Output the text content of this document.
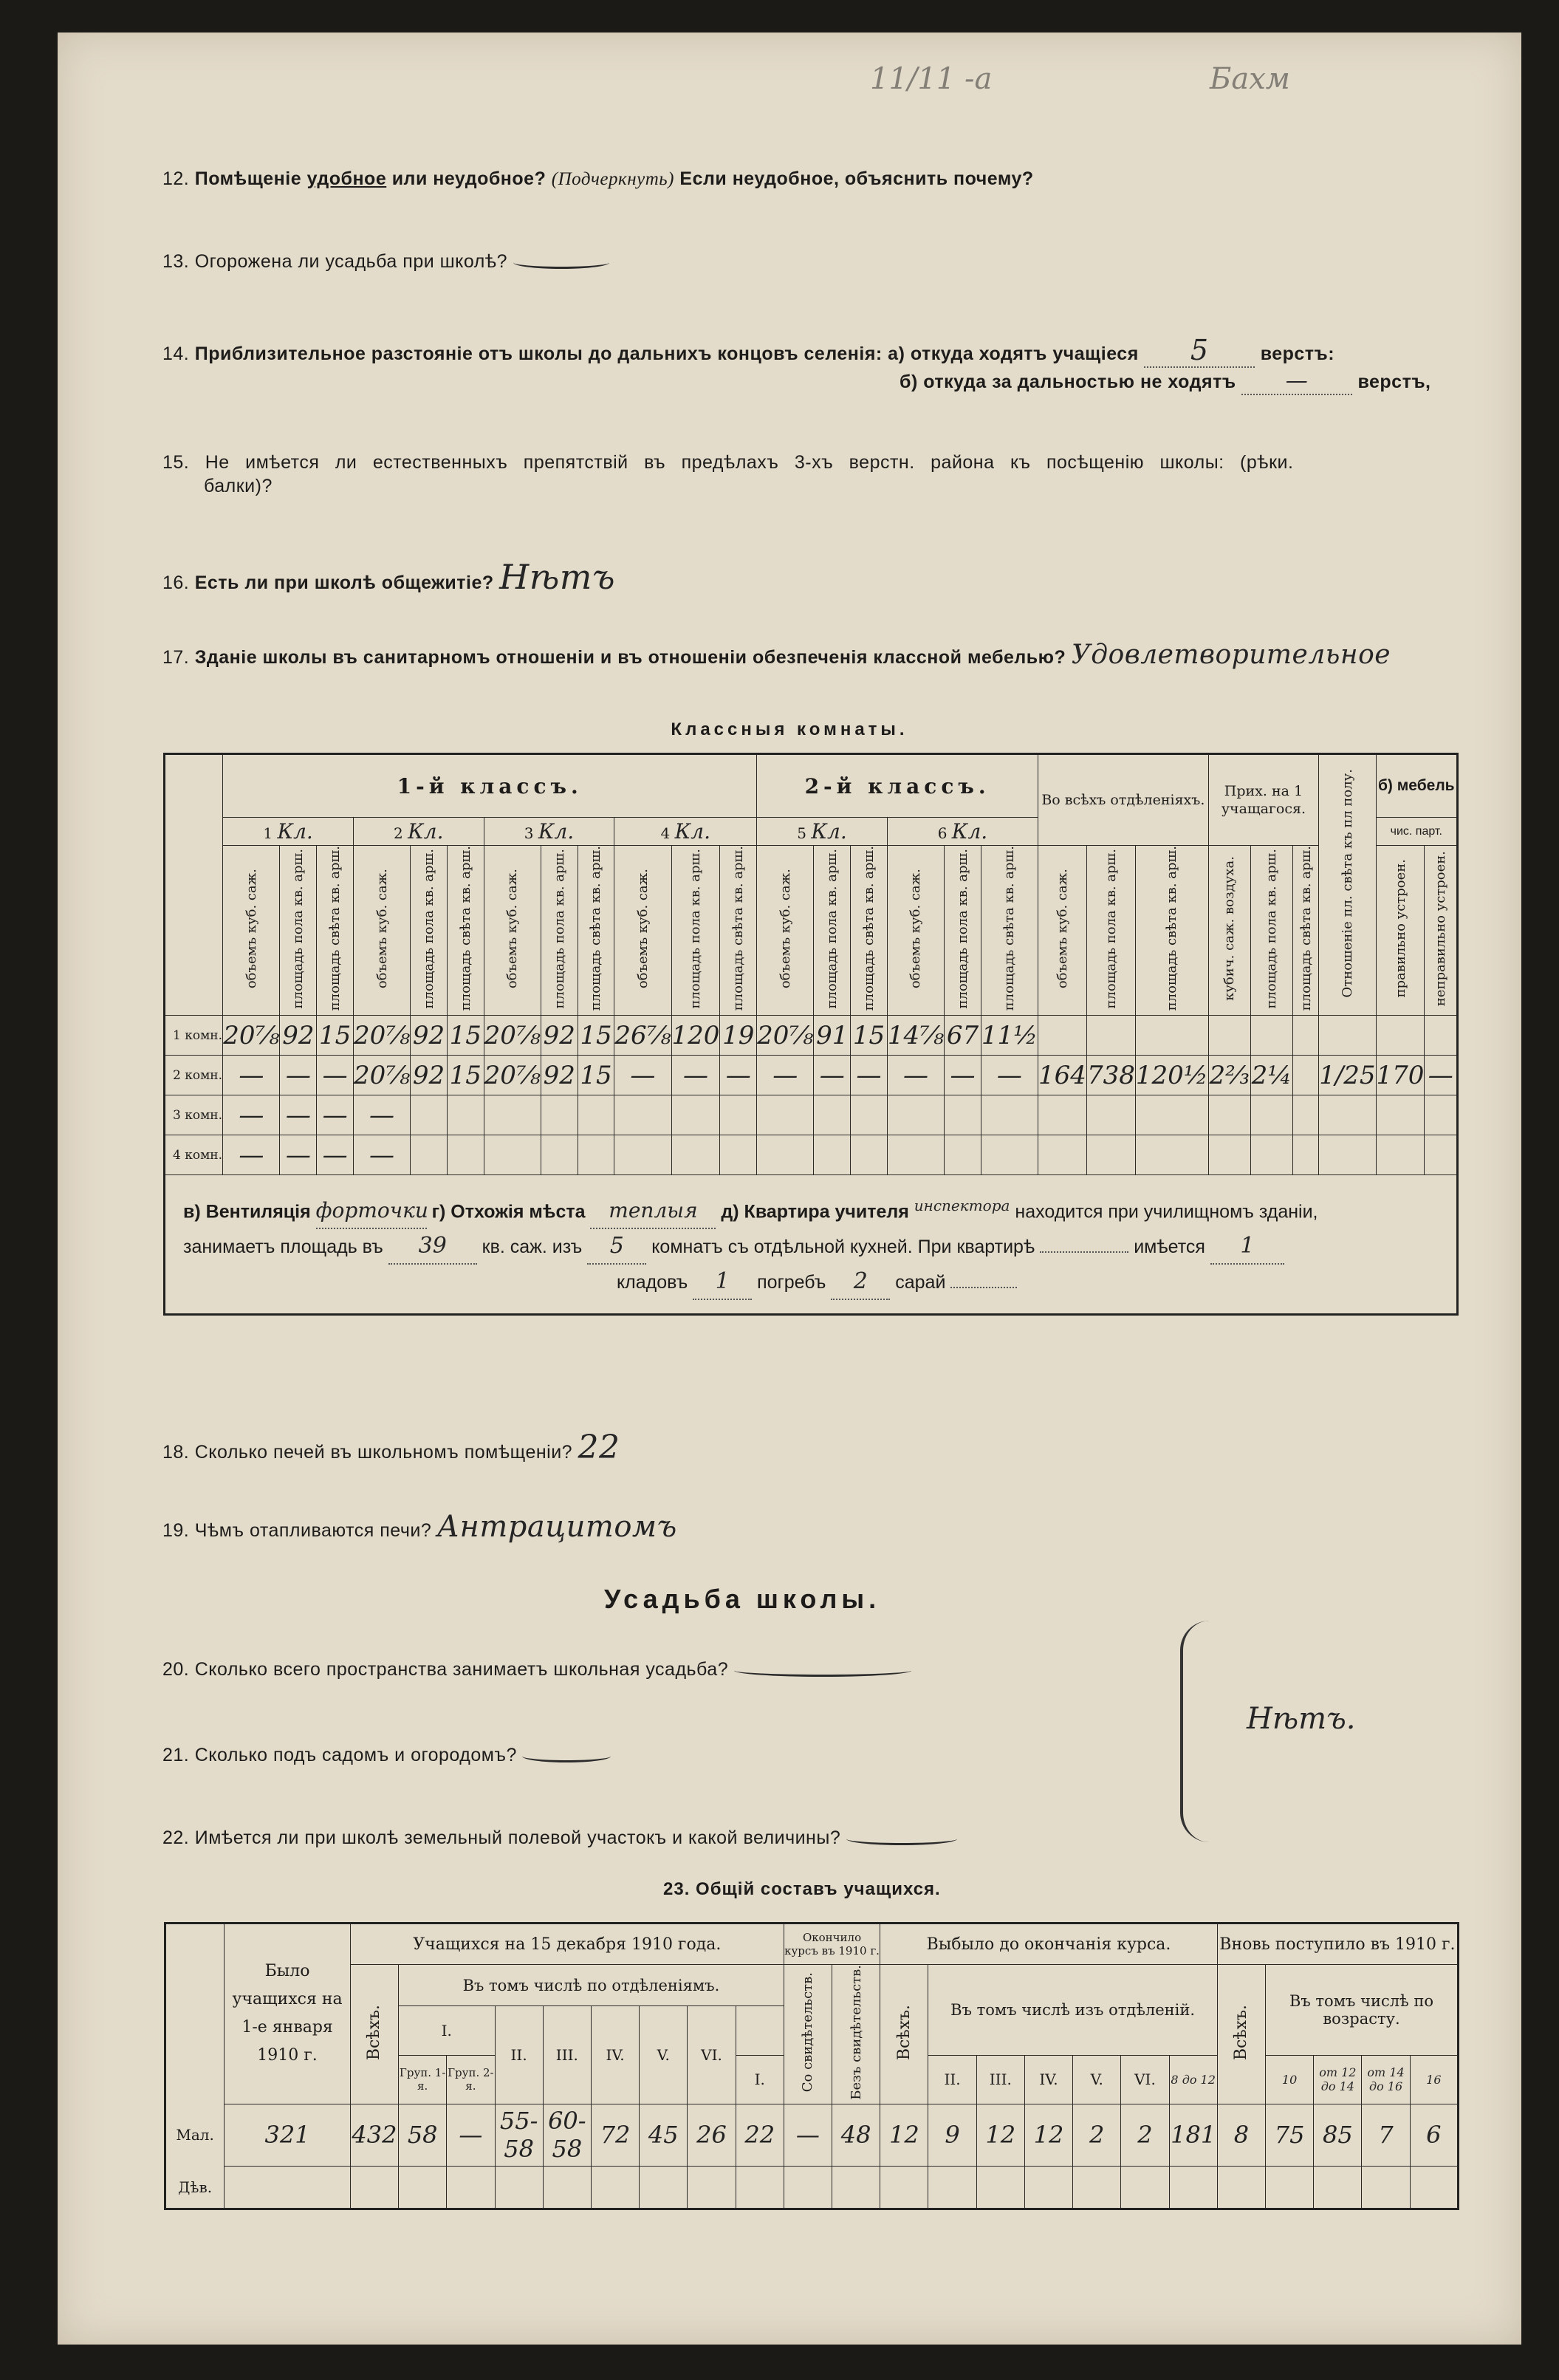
11/11 -а	Бахм
12. Помѣщеніе удобное или неудобное? (Подчеркнуть) Если неудобное, объяснить почему?
13. Огорожена ли усадьба при школѣ?
14. Приблизительное разстояніе отъ школы до дальнихъ концовъ селенія: а) откуда ходятъ учащіеся 5	верстъ:
б) откуда за дальностью не ходятъ —	верстъ,
15. Не имѣется ли естественныхъ препятствій въ предѣлахъ 3-хъ верстн. района къ посѣщенію школы: (рѣки.
балки)?
16. Есть ли при школѣ общежитіе? Нѣтъ
17. Зданіе школы въ санитарномъ отношеніи и въ отношеніи обезпеченія классной мебелью? Удовлетворительное
Классныя комнаты.
	1-й классъ.												2-й классъ.						Во всѣхъ отдѣленіяхъ.			Прих. на 1 учащагося.			Отношеніе пл. свѣта къ пл полу.	б) мебель	
	1 Кл.			2 Кл.			3 Кл.			4 Кл.			5 Кл.			6 Кл.										чис. парт.	
	объемъ куб. саж.	площадь пола кв. арш.	площадь свѣта кв. арш.	объемъ куб. саж.	площадь пола кв. арш.	площадь свѣта кв. арш.	объемъ куб. саж.	площадь пола кв. арш.	площадь свѣта кв. арш.	объемъ куб. саж.	площадь пола кв. арш.	площадь свѣта кв. арш.	объемъ куб. саж.	площадь пола кв. арш.	площадь свѣта кв. арш.	объемъ куб. саж.	площадь пола кв. арш.	площадь свѣта кв. арш.	объемъ куб. саж.	площадь пола кв. арш.	площадь свѣта кв. арш.	кубич. саж. воздуха.	площадь пола кв. арш.	площадь свѣта кв. арш.		правильно устроен.	неправильно устроен.
1 комн.	20⅞	92	15	20⅞	92	15	20⅞	92	15	26⅞	120	19	20⅞	91	15	14⅞	67	11½									
2 комн.	—	—	—	20⅞	92	15	20⅞	92	15	—	—	—	—	—	—	—	—	—	164	738	120½	2⅔	2¼		1/25	170	—
3 комн.	—	—	—	—																							
4 комн.	—	—	—	—																							
в) Вентиляція форточки г) Отхожія мѣста теплыя д) Квартира учителя $^{инспектора}$ находится при училищномъ зданіи,
занимаетъ площадь въ 39 кв. саж. изъ 5 комнатъ съ отдѣльной кухней. При квартирѣ имѣется 1
кладовъ 1 погребъ 2 сарай																											
18. Сколько печей въ школьномъ помѣщеніи? 22
19. Чѣмъ отапливаются печи? Антрацитомъ
Усадьба школы.
20. Сколько всего пространства занимаетъ школьная усадьба?
21. Сколько подъ садомъ и огородомъ?
22. Имѣется ли при школѣ земельный полевой участокъ и какой величины?
Нѣтъ.
23. Общій составъ учащихся.
	Было учащихся на 1-е января 1910 г.	Учащихся на 15 декабря 1910 года.									Окончило курсъ въ 1910 г.		Выбыло до окончанія курса.							Вновь поступило въ 1910 г.				
		Всѣхъ.	Въ томъ числѣ по отдѣленіямъ.								Со свидѣтельств.	Безъ свидѣтельств.	Всѣхъ.	Въ томъ числѣ изъ отдѣленій.						Всѣхъ.	Въ томъ числѣ по возрасту.			
			I.		II.	III.	IV.	V.	VI.															
			Груп. 1-я.	Груп. 2-я.						I.				II.	III.	IV.	V.	VI.	8 до 12		10	от 12 до 14	от 14 до 16	16
Мал.	321	432	58	—	55-58	60-58	72	45	26	22	—	48	12	9	12	12	2	2	181	8	75	85	7	6
Дѣв.																								
